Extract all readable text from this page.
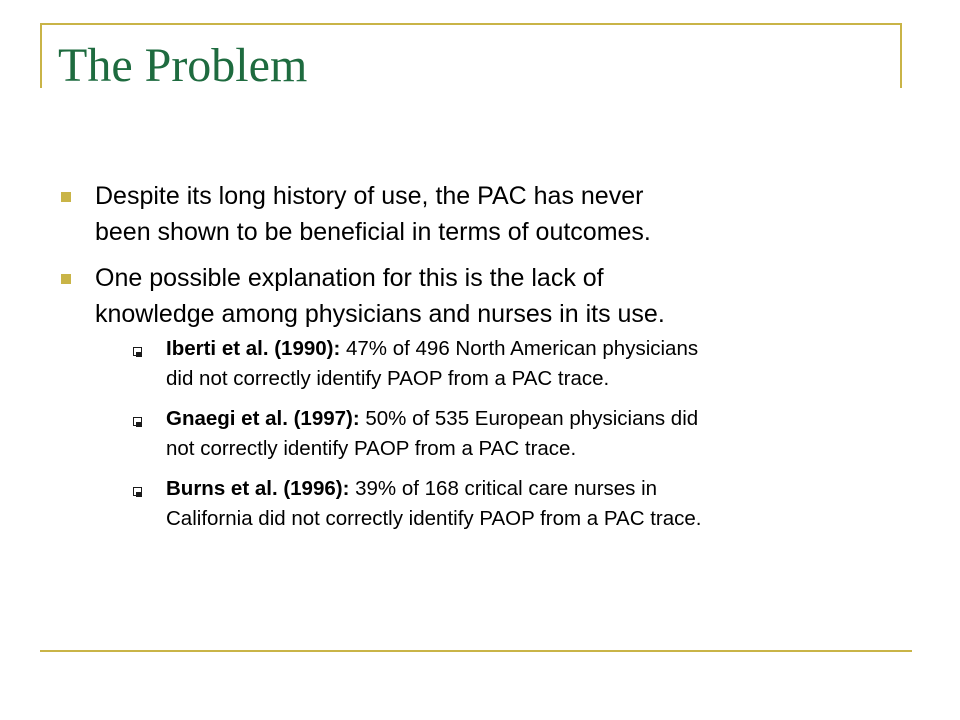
The Problem
Despite its long history of use, the PAC has never
been shown to be beneficial in terms of outcomes.
One possible explanation for this is the lack of
knowledge among physicians and nurses in its use.
Iberti et al. (1990): 47% of 496 North American physicians
did not correctly identify PAOP from a PAC trace.
Gnaegi et al. (1997): 50% of 535 European physicians did
not correctly identify PAOP from a PAC trace.
Burns et al. (1996): 39% of 168 critical care nurses in
California did not correctly identify PAOP from a PAC trace.
